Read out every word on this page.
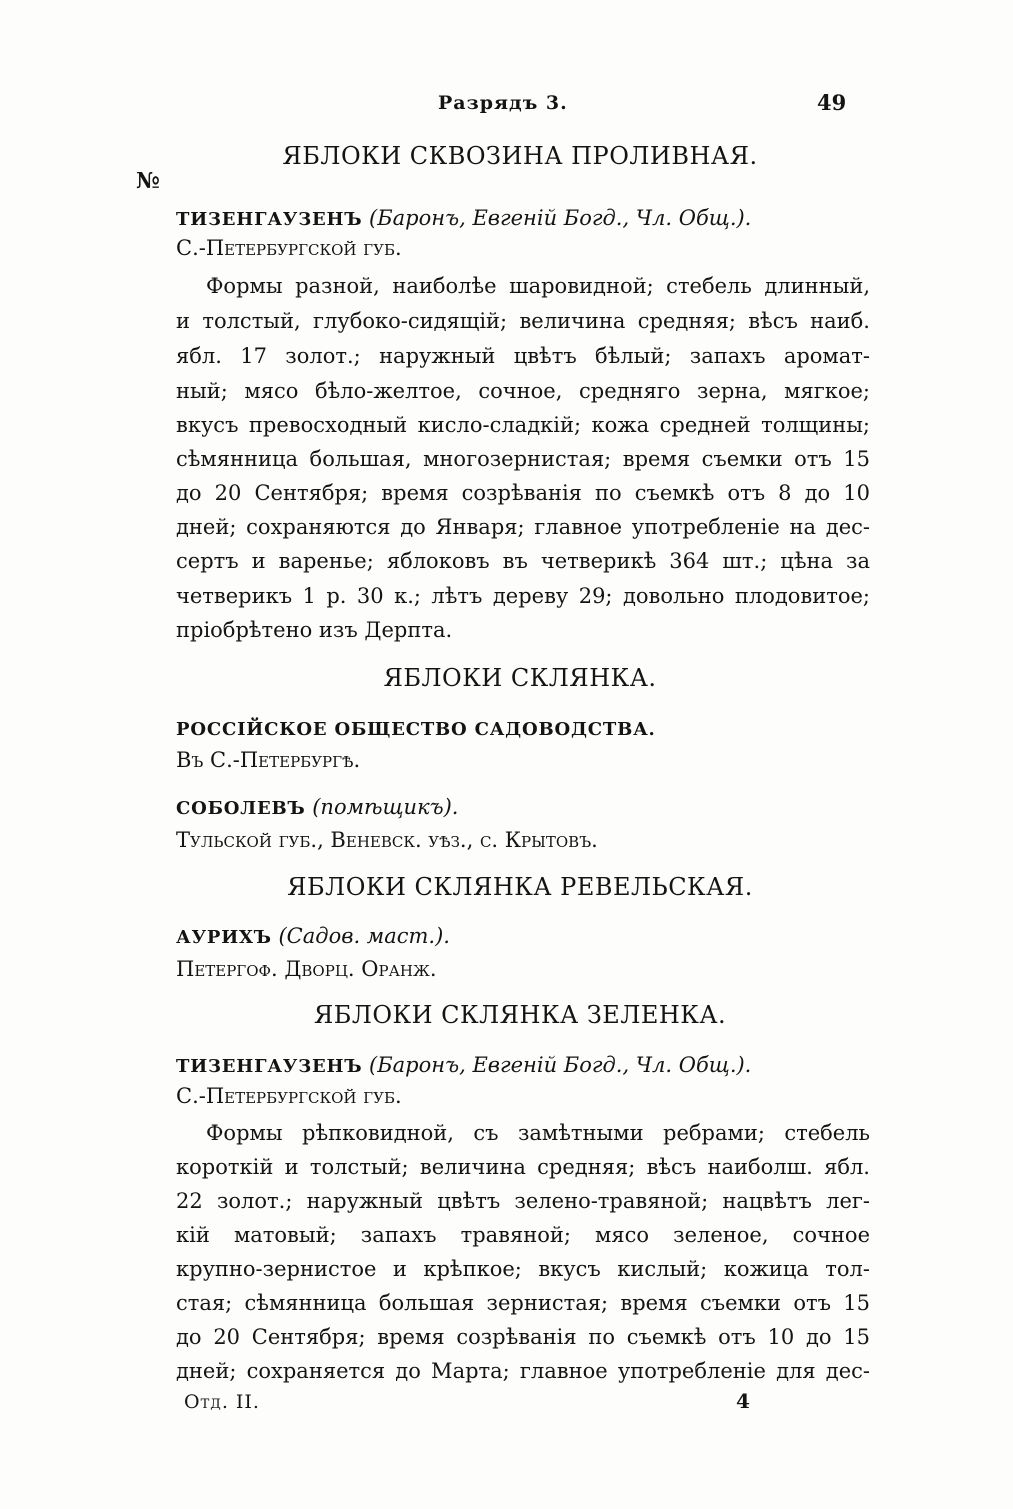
Разрядъ 3.	49
№
ЯБЛОКИ СКВОЗИНА ПРОЛИВНАЯ.
ТИЗЕНГАУЗЕНЪ (Баронъ, Евгеній Богд., Чл. Общ.).
С.-Петербургской губ.
Формы разной, наиболѣе шаровидной; стебель длинный,
и толстый, глубоко-сидящій; величина средняя; вѣсъ наиб.
ябл. 17 золот.; наружный цвѣтъ бѣлый; запахъ аромат-
ный; мясо бѣло-желтое, сочное, средняго зерна, мягкое;
вкусъ превосходный кисло-сладкій; кожа средней толщины;
сѣмянница большая, многозернистая; время съемки отъ 15
до 20 Сентября; время созрѣванія по съемкѣ отъ 8 до 10
дней; сохраняются до Января; главное употребленіе на дес-
сертъ и варенье; яблоковъ въ четверикѣ 364 шт.; цѣна за
четверикъ 1 р. 30 к.; лѣтъ дереву 29; довольно плодовитое;
пріобрѣтено изъ Дерпта.
ЯБЛОКИ СКЛЯНКА.
РОССІЙСКОЕ ОБЩЕСТВО САДОВОДСТВА.
Въ С.-Петербургѣ.
СОБОЛЕВЪ (помѣщикъ).
Тульской губ., Веневск. уѣз., с. Крытовъ.
ЯБЛОКИ СКЛЯНКА РЕВЕЛЬСКАЯ.
АУРИХЪ (Садов. маст.).
Петергоф. Дворц. Оранж.
ЯБЛОКИ СКЛЯНКА ЗЕЛЕНКА.
ТИЗЕНГАУЗЕНЪ (Баронъ, Евгеній Богд., Чл. Общ.).
С.-Петербургской губ.
Формы рѣпковидной, съ замѣтными ребрами; стебель
короткій и толстый; величина средняя; вѣсъ наиболш. ябл.
22 золот.; наружный цвѣтъ зелено-травяной; нацвѣтъ лег-
кій матовый; запахъ травяной; мясо зеленое, сочное
крупно-зернистое и крѣпкое; вкусъ кислый; кожица тол-
стая; сѣмянница большая зернистая; время съемки отъ 15
до 20 Сентября; время созрѣванія по съемкѣ отъ 10 до 15
дней; сохраняется до Марта; главное употребленіе для дес-
Отд. II.	4
